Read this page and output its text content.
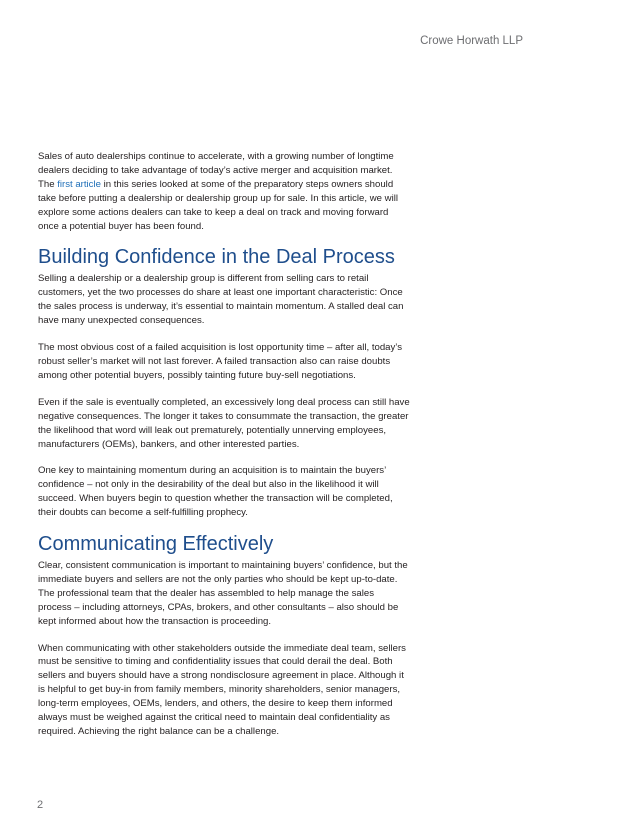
Crowe Horwath LLP

Sales of auto dealerships continue to accelerate, with a growing number of longtime dealers deciding to take advantage of today’s active merger and acquisition market. The first article in this series looked at some of the preparatory steps owners should take before putting a dealership or dealership group up for sale. In this article, we will explore some actions dealers can take to keep a deal on track and moving forward once a potential buyer has been found.

Building Confidence in the Deal Process

Selling a dealership or a dealership group is different from selling cars to retail customers, yet the two processes do share at least one important characteristic: Once the sales process is underway, it’s essential to maintain momentum. A stalled deal can have many unexpected consequences.

The most obvious cost of a failed acquisition is lost opportunity time – after all, today’s robust seller’s market will not last forever. A failed transaction also can raise doubts among other potential buyers, possibly tainting future buy-sell negotiations.

Even if the sale is eventually completed, an excessively long deal process can still have negative consequences. The longer it takes to consummate the transaction, the greater the likelihood that word will leak out prematurely, potentially unnerving employees, manufacturers (OEMs), bankers, and other interested parties.

One key to maintaining momentum during an acquisition is to maintain the buyers’ confidence – not only in the desirability of the deal but also in the likelihood it will succeed. When buyers begin to question whether the transaction will be completed, their doubts can become a self-fulfilling prophecy.

Communicating Effectively

Clear, consistent communication is important to maintaining buyers’ confidence, but the immediate buyers and sellers are not the only parties who should be kept up-to-date. The professional team that the dealer has assembled to help manage the sales process – including attorneys, CPAs, brokers, and other consultants – also should be kept informed about how the transaction is proceeding.

When communicating with other stakeholders outside the immediate deal team, sellers must be sensitive to timing and confidentiality issues that could derail the deal. Both sellers and buyers should have a strong nondisclosure agreement in place. Although it is helpful to get buy-in from family members, minority shareholders, senior managers, long-term employees, OEMs, lenders, and others, the desire to keep them informed always must be weighed against the critical need to maintain deal confidentiality as required. Achieving the right balance can be a challenge.

2
